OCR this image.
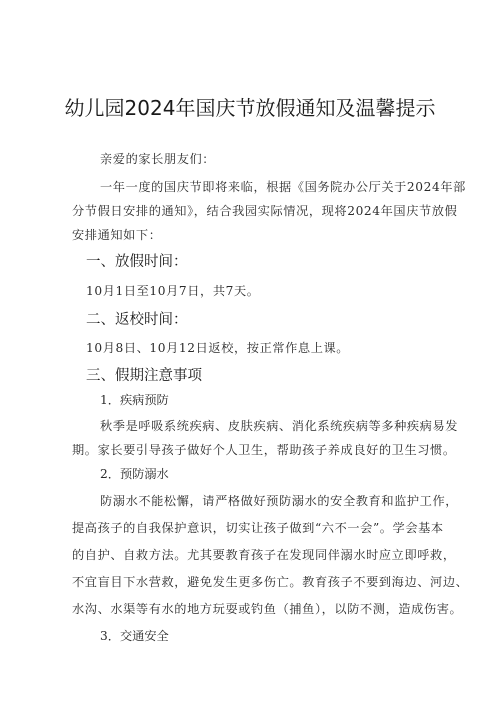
幼儿园2024年国庆节放假通知及温馨提示
亲爱的家长朋友们：
一年一度的国庆节即将来临，根据《国务院办公厅关于2024年部
分节假日安排的通知》，结合我园实际情况，现将2024年国庆节放假
安排通知如下：
一、放假时间：
10月1日至10月7日，共7天。
二、返校时间：
10月8日、10月12日返校，按正常作息上课。
三、假期注意事项
1．疾病预防
秋季是呼吸系统疾病、皮肤疾病、消化系统疾病等多种疾病易发
期。家长要引导孩子做好个人卫生，帮助孩子养成良好的卫生习惯。
2．预防溺水
防溺水不能松懈，请严格做好预防溺水的安全教育和监护工作，
提高孩子的自我保护意识，切实让孩子做到“六不一会”。学会基本
的自护、自救方法。尤其要教育孩子在发现同伴溺水时应立即呼救，
不宜盲目下水营救，避免发生更多伤亡。教育孩子不要到海边、河边、
水沟、水渠等有水的地方玩耍或钓鱼（捕鱼），以防不测，造成伤害。
3．交通安全
